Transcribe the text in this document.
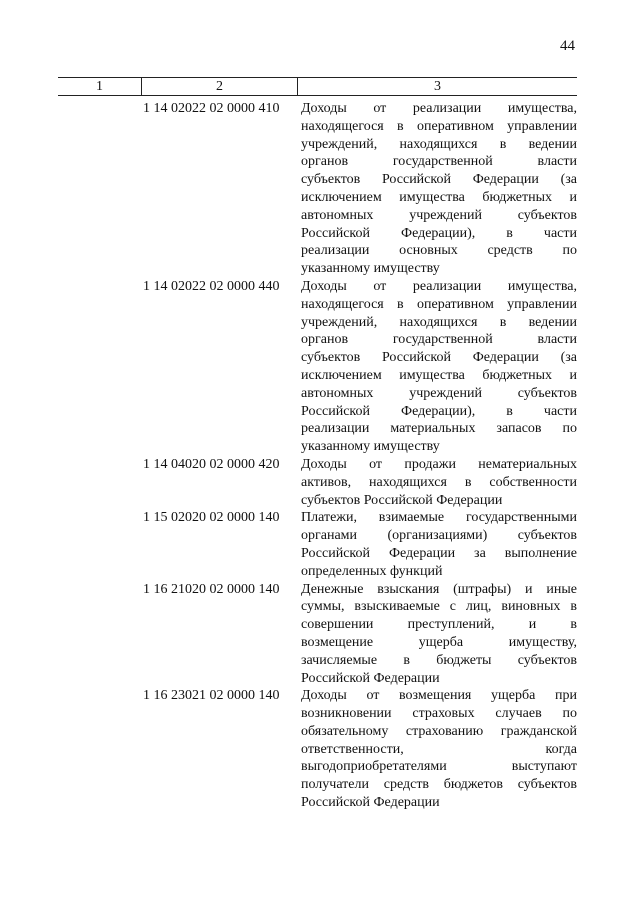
44
1	2	3
1 14 02022 02 0000 410 Доходы от реализации имущества,
находящегося в оперативном управлении
учреждений, находящихся в ведении
органов государственной власти
субъектов Российской Федерации (за
исключением имущества бюджетных и
автономных учреждений субъектов
Российской Федерации), в части
реализации основных средств по
указанному имуществу
1 14 02022 02 0000 440 Доходы от реализации имущества,
находящегося в оперативном управлении
учреждений, находящихся в ведении
органов государственной власти
субъектов Российской Федерации (за
исключением имущества бюджетных и
автономных учреждений субъектов
Российской Федерации), в части
реализации материальных запасов по
указанному имуществу
1 14 04020 02 0000 420 Доходы от продажи нематериальных
активов, находящихся в собственности
субъектов Российской Федерации
1 15 02020 02 0000 140 Платежи, взимаемые государственными
органами (организациями) субъектов
Российской Федерации за выполнение
определенных функций
1 16 21020 02 0000 140 Денежные взыскания (штрафы) и иные
суммы, взыскиваемые с лиц, виновных в
совершении преступлений, и в
возмещение ущерба имуществу,
зачисляемые в бюджеты субъектов
Российской Федерации
1 16 23021 02 0000 140 Доходы от возмещения ущерба при
возникновении страховых случаев по
обязательному страхованию гражданской
ответственности, когда
выгодоприобретателями выступают
получатели средств бюджетов субъектов
Российской Федерации
